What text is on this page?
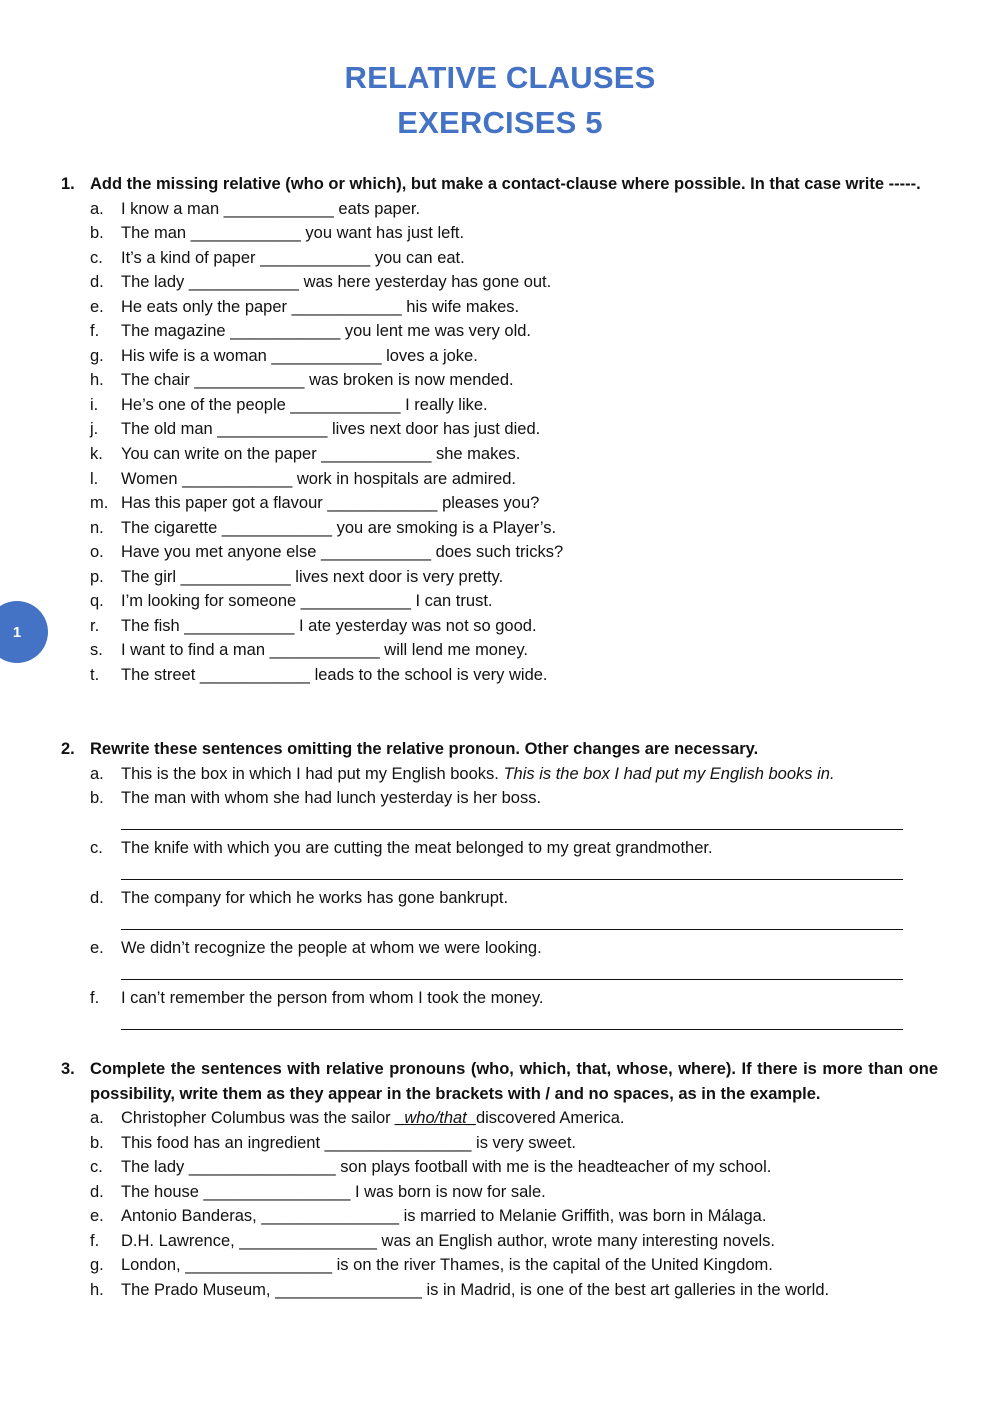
RELATIVE CLAUSES
EXERCISES 5
1
1. Add the missing relative (who or which), but make a contact-clause where possible. In that case write -----.
a. I know a man ____________ eats paper.
b. The man ____________ you want has just left.
c. It’s a kind of paper ____________ you can eat.
d. The lady ____________ was here yesterday has gone out.
e. He eats only the paper ____________ his wife makes.
f. The magazine ____________ you lent me was very old.
g. His wife is a woman ____________ loves a joke.
h. The chair ____________ was broken is now mended.
i. He’s one of the people ____________ I really like.
j. The old man ____________ lives next door has just died.
k. You can write on the paper ____________ she makes.
l. Women ____________ work in hospitals are admired.
m. Has this paper got a flavour ____________ pleases you?
n. The cigarette ____________ you are smoking is a Player’s.
o. Have you met anyone else ____________ does such tricks?
p. The girl ____________ lives next door is very pretty.
q. I’m looking for someone ____________ I can trust.
r. The fish ____________ I ate yesterday was not so good.
s. I want to find a man ____________ will lend me money.
t. The street ____________ leads to the school is very wide.
2. Rewrite these sentences omitting the relative pronoun. Other changes are necessary.
a. This is the box in which I had put my English books. This is the box I had put my English books in.
b. The man with whom she had lunch yesterday is her boss.
c. The knife with which you are cutting the meat belonged to my great grandmother.
d. The company for which he works has gone bankrupt.
e. We didn’t recognize the people at whom we were looking.
f. I can’t remember the person from whom I took the money.
3. Complete the sentences with relative pronouns (who, which, that, whose, where). If there is more than one possibility, write them as they appear in the brackets with / and no spaces, as in the example.
a. Christopher Columbus was the sailor _who/that_discovered America.
b. This food has an ingredient ________________ is very sweet.
c. The lady ________________ son plays football with me is the headteacher of my school.
d. The house ________________ I was born is now for sale.
e. Antonio Banderas, _______________ is married to Melanie Griffith, was born in Málaga.
f. D.H. Lawrence, _______________ was an English author, wrote many interesting novels.
g. London, ________________ is on the river Thames, is the capital of the United Kingdom.
h. The Prado Museum, ________________ is in Madrid, is one of the best art galleries in the world.
